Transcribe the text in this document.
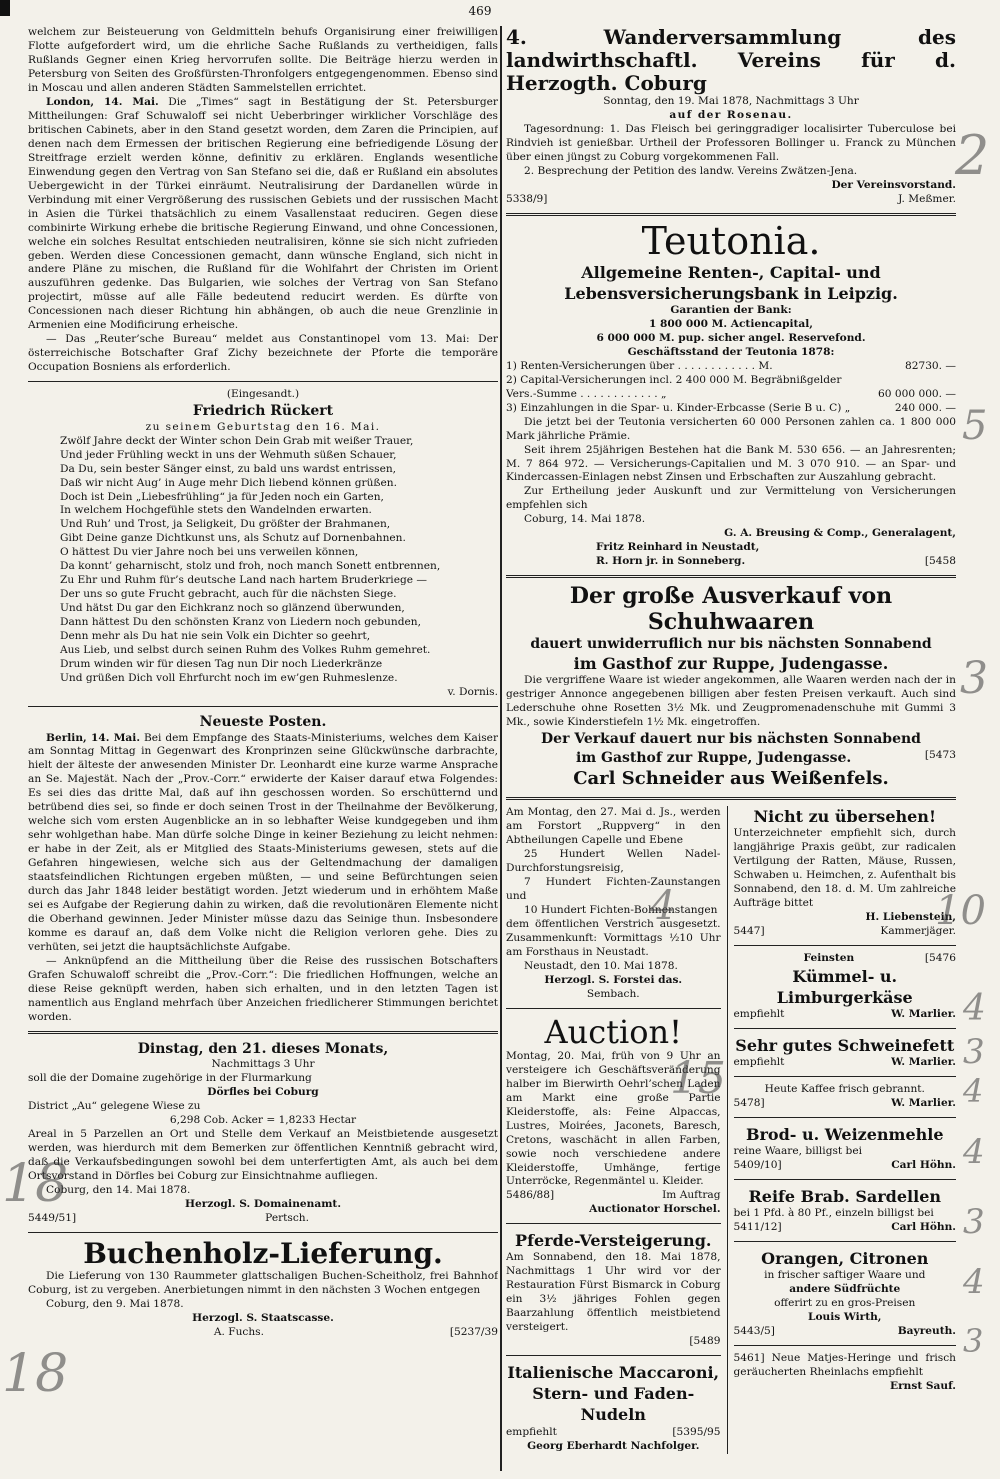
469

welchem zur Beisteuerung von Geldmitteln behufs Organisirung einer freiwilligen Flotte aufgefordert wird, um die ehrliche Sache Rußlands zu vertheidigen, falls Rußlands Gegner einen Krieg hervorrufen sollte. Die Beiträge hierzu werden in Petersburg von Seiten des Großfürsten-Thronfolgers entgegengenommen. Ebenso sind in Moscau und allen anderen Städten Sammelstellen errichtet.

London, 14. Mai. Die „Times“ sagt in Bestätigung der St. Petersburger Mittheilungen: Graf Schuwaloff sei nicht Ueberbringer wirklicher Vorschläge des britischen Cabinets, aber in den Stand gesetzt worden, dem Zaren die Principien, auf denen nach dem Ermessen der britischen Regierung eine befriedigende Lösung der Streitfrage erzielt werden könne, definitiv zu erklären. Englands wesentliche Einwendung gegen den Vertrag von San Stefano sei die, daß er Rußland ein absolutes Uebergewicht in der Türkei einräumt. Neutralisirung der Dardanellen würde in Verbindung mit einer Vergrößerung des russischen Gebiets und der russischen Macht in Asien die Türkei thatsächlich zu einem Vasallenstaat reduciren. Gegen diese combinirte Wirkung erhebe die britische Regierung Einwand, und ohne Concessionen, welche ein solches Resultat entschieden neutralisiren, könne sie sich nicht zufrieden geben. Werden diese Concessionen gemacht, dann wünsche England, sich nicht in andere Pläne zu mischen, die Rußland für die Wohlfahrt der Christen im Orient auszuführen gedenke. Das Bulgarien, wie solches der Vertrag von San Stefano projectirt, müsse auf alle Fälle bedeutend reducirt werden. Es dürfte von Concessionen nach dieser Richtung hin abhängen, ob auch die neue Grenzlinie in Armenien eine Modificirung erheische.

— Das „Reuter’sche Bureau“ meldet aus Constantinopel vom 13. Mai: Der österreichische Botschafter Graf Zichy bezeichnete der Pforte die temporäre Occupation Bosniens als erforderlich.

(Eingesandt.)

Friedrich Rückert

zu seinem Geburtstag den 16. Mai.

Zwölf Jahre deckt der Winter schon Dein Grab mit weißer Trauer,

Und jeder Frühling weckt in uns der Wehmuth süßen Schauer,

Da Du, sein bester Sänger einst, zu bald uns wardst entrissen,

Daß wir nicht Aug’ in Auge mehr Dich liebend können grüßen.

Doch ist Dein „Liebesfrühling“ ja für Jeden noch ein Garten,

In welchem Hochgefühle stets den Wandelnden erwarten.

Und Ruh’ und Trost, ja Seligkeit, Du größter der Brahmanen,

Gibt Deine ganze Dichtkunst uns, als Schutz auf Dornenbahnen.

O hättest Du vier Jahre noch bei uns verweilen können,

Da konnt’ geharnischt, stolz und froh, noch manch Sonett entbrennen,

Zu Ehr und Ruhm für’s deutsche Land nach hartem Bruderkriege —

Der uns so gute Frucht gebracht, auch für die nächsten Siege.

Und hätst Du gar den Eichkranz noch so glänzend überwunden,

Dann hättest Du den schönsten Kranz von Liedern noch gebunden,

Denn mehr als Du hat nie sein Volk ein Dichter so geehrt,

Aus Lieb, und selbst durch seinen Ruhm des Volkes Ruhm gemehret.

Drum winden wir für diesen Tag nun Dir noch Liederkränze

Und grüßen Dich voll Ehrfurcht noch im ew’gen Ruhmeslenze.

v. Dornis.

Neueste Posten.

Berlin, 14. Mai. Bei dem Empfange des Staats-Ministeriums, welches dem Kaiser am Sonntag Mittag in Gegenwart des Kronprinzen seine Glückwünsche darbrachte, hielt der älteste der anwesenden Minister Dr. Leonhardt eine kurze warme Ansprache an Se. Majestät. Nach der „Prov.-Corr.“ erwiderte der Kaiser darauf etwa Folgendes: Es sei dies das dritte Mal, daß auf ihn geschossen worden. So erschütternd und betrübend dies sei, so finde er doch seinen Trost in der Theilnahme der Bevölkerung, welche sich vom ersten Augenblicke an in so lebhafter Weise kundgegeben und ihm sehr wohlgethan habe. Man dürfe solche Dinge in keiner Beziehung zu leicht nehmen: er habe in der Zeit, als er Mitglied des Staats-Ministeriums gewesen, stets auf die Gefahren hingewiesen, welche sich aus der Geltendmachung der damaligen staatsfeindlichen Richtungen ergeben müßten, — und seine Befürchtungen seien durch das Jahr 1848 leider bestätigt worden. Jetzt wiederum und in erhöhtem Maße sei es Aufgabe der Regierung dahin zu wirken, daß die revolutionären Elemente nicht die Oberhand gewinnen. Jeder Minister müsse dazu das Seinige thun. Insbesondere komme es darauf an, daß dem Volke nicht die Religion verloren gehe. Dies zu verhüten, sei jetzt die hauptsächlichste Aufgabe.

— Anknüpfend an die Mittheilung über die Reise des russischen Botschafters Grafen Schuwaloff schreibt die „Prov.-Corr.“: Die friedlichen Hoffnungen, welche an diese Reise geknüpft werden, haben sich erhalten, und in den letzten Tagen ist namentlich aus England mehrfach über Anzeichen friedlicherer Stimmungen berichtet worden.

Dinstag, den 21. dieses Monats,

Nachmittags 3 Uhr

soll die der Domaine zugehörige in der Flurmarkung

Dörfles bei Coburg

District „Au“ gelegene Wiese zu

6,298 Cob. Acker = 1,8233 Hectar

Areal in 5 Parzellen an Ort und Stelle dem Verkauf an Meistbietende ausgesetzt werden, was hierdurch mit dem Bemerken zur öffentlichen Kenntniß gebracht wird, daß die Verkaufsbedingungen sowohl bei dem unterfertigten Amt, als auch bei dem Ortsvorstand in Dörfles bei Coburg zur Einsichtnahme aufliegen.

Coburg, den 14. Mai 1878.

Herzogl. S. Domainenamt.

5449/51]	Pertsch.

Buchenholz-Lieferung.

Die Lieferung von 130 Raummeter glattschaligen Buchen-Scheitholz, frei Bahnhof Coburg, ist zu vergeben. Anerbietungen nimmt in den nächsten 3 Wochen entgegen

Coburg, den 9. Mai 1878.

Herzogl. S. Staatscasse.

A. Fuchs.	[5237/39

4. Wanderversammlung des landwirthschaftl. Vereins für d. Herzogth. Coburg

Sonntag, den 19. Mai 1878, Nachmittags 3 Uhr

auf der Rosenau.

Tagesordnung: 1. Das Fleisch bei geringgradiger localisirter Tuberculose bei Rindvieh ist genießbar. Urtheil der Professoren Bollinger u. Franck zu München über einen jüngst zu Coburg vorgekommenen Fall.

2. Besprechung der Petition des landw. Vereins Zwätzen-Jena.

Der Vereinsvorstand.

5338/9]	J. Meßmer.

Teutonia.

Allgemeine Renten-, Capital- und Lebensversicherungsbank in Leipzig.

Garantien der Bank:

1 800 000 M. Actiencapital,

6 000 000 M. pup. sicher angel. Reservefond.

Geschäftsstand der Teutonia 1878:

1) Renten-Versicherungen über . . . . . . . . . . . . M.	82730. —
2) Capital-Versicherungen incl. 2 400 000 M. Begräbnißgelder Vers.-Summe . . . . . . . . . . . . „	60 000 000. —
3) Einzahlungen in die Spar- u. Kinder-Erbcasse (Serie B u. C) „	240 000. —

Die jetzt bei der Teutonia versicherten 60 000 Personen zahlen ca. 1 800 000 Mark jährliche Prämie.

Seit ihrem 25jährigen Bestehen hat die Bank M. 530 656. — an Jahresrenten; M. 7 864 972. — Versicherungs-Capitalien und M. 3 070 910. — an Spar- und Kindercassen-Einlagen nebst Zinsen und Erbschaften zur Auszahlung gebracht.

Zur Ertheilung jeder Auskunft und zur Vermittelung von Versicherungen empfehlen sich

Coburg, 14. Mai 1878.

G. A. Breusing & Comp., Generalagent,

Fritz Reinhard in Neustadt,

R. Horn jr. in Sonneberg.	[5458

Der große Ausverkauf von Schuhwaaren

dauert unwiderruflich nur bis nächsten Sonnabend

im Gasthof zur Ruppe, Judengasse.

Die vergriffene Waare ist wieder angekommen, alle Waaren werden nach der in gestriger Annonce angegebenen billigen aber festen Preisen verkauft. Auch sind Lederschuhe ohne Rosetten 3½ Mk. und Zeugpromenadenschuhe mit Gummi 3 Mk., sowie Kinderstiefeln 1½ Mk. eingetroffen.

Der Verkauf dauert nur bis nächsten Sonnabend

im Gasthof zur Ruppe, Judengasse.	[5473

Carl Schneider aus Weißenfels.

Am Montag, den 27. Mai d. Js., werden am Forstort „Ruppverg“ in den Abtheilungen Capelle und Ebene

25 Hundert Wellen Nadel-Durchforstungsreisig,

7 Hundert Fichten-Zaunstangen und

10 Hundert Fichten-Bohnenstangen

dem öffentlichen Verstrich ausgesetzt. Zusammenkunft: Vormittags ½10 Uhr am Forsthaus in Neustadt.

Neustadt, den 10. Mai 1878.

Herzogl. S. Forstei das.

Sembach.

Auction!

Montag, 20. Mai, früh von 9 Uhr an versteigere ich Geschäftsveränderung halber im Bierwirth Oehrl’schen Laden am Markt eine große Partie Kleiderstoffe, als: Feine Alpaccas, Lustres, Moirées, Jaconets, Baresch, Cretons, waschächt in allen Farben, sowie noch verschiedene andere Kleiderstoffe, Umhänge, fertige Unterröcke, Regenmäntel u. Kleider.

5486/88]	Im Auftrag

Auctionator Horschel.

Pferde-Versteigerung.

Am Sonnabend, den 18. Mai 1878, Nachmittags 1 Uhr wird vor der Restauration Fürst Bismarck in Coburg ein 3½ jähriges Fohlen gegen Baarzahlung öffentlich meistbietend versteigert.

[5489

Italienische Maccaroni,

Stern- und Faden-Nudeln

empfiehlt	[5395/95

Georg Eberhardt Nachfolger.

Nicht zu übersehen!

Unterzeichneter empfiehlt sich, durch langjährige Praxis geübt, zur radicalen Vertilgung der Ratten, Mäuse, Russen, Schwaben u. Heimchen, z. Aufenthalt bis Sonnabend, den 18. d. M. Um zahlreiche Aufträge bittet

H. Liebenstein,

5447]	Kammerjäger.
Feinsten	[5476

Kümmel- u. Limburgerkäse

empfiehlt	W. Marlier.

Sehr gutes Schweinefett

empfiehlt	W. Marlier.

Heute Kaffee frisch gebrannt.

5478]	W. Marlier.

Brod- u. Weizenmehle

reine Waare, billigst bei

5409/10]	Carl Höhn.

Reife Brab. Sardellen

bei 1 Pfd. à 80 Pf., einzeln billigst bei

5411/12]	Carl Höhn.

Orangen, Citronen

in frischer saftiger Waare und

andere Südfrüchte

offerirt zu en gros-Preisen

Louis Wirth,

5443/5]	Bayreuth.

5461] Neue Matjes-Heringe und frisch geräucherten Rheinlachs empfiehlt

Ernst Sauf.

2
3
5
4
3
4
3
10
4
3
4
4
15
18
18
